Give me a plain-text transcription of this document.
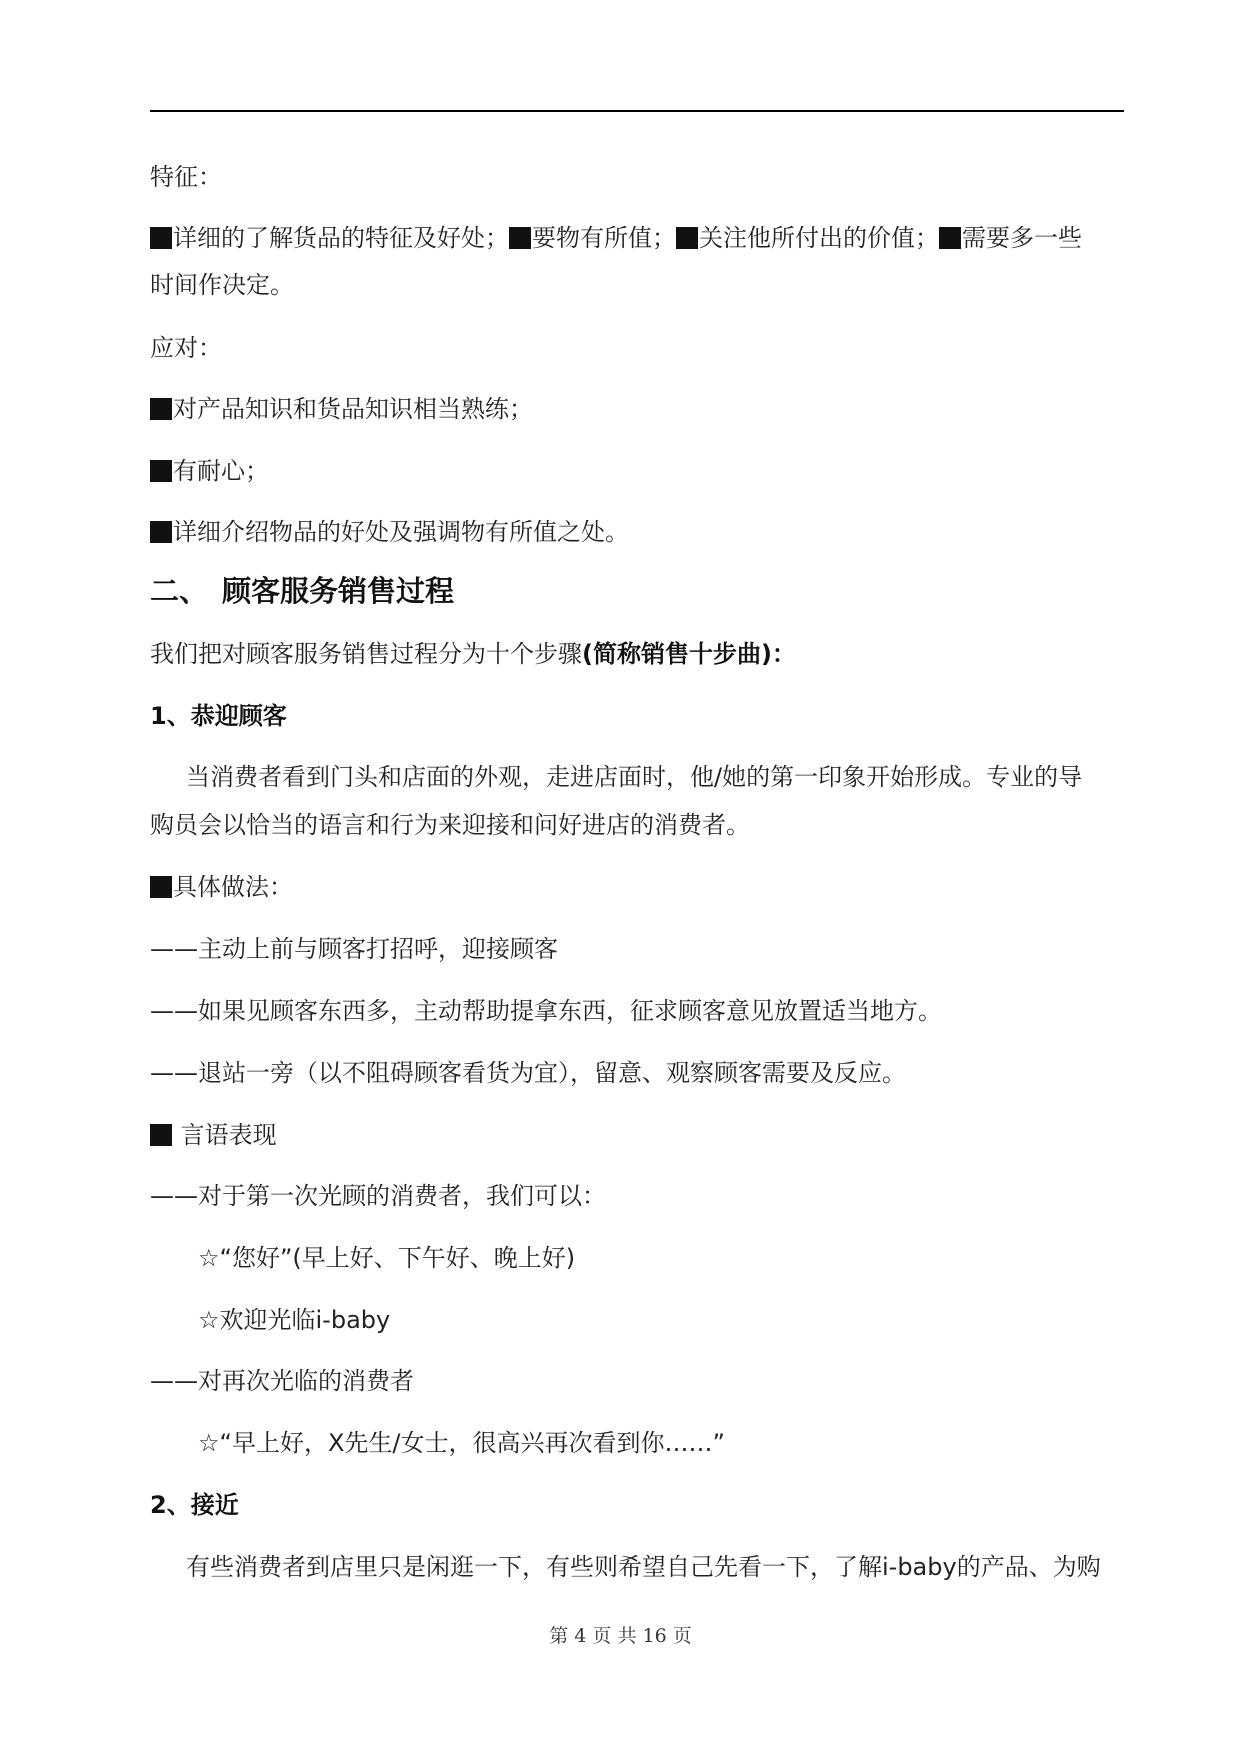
特征：
详细的了解货品的特征及好处； 要物有所值； 关注他所付出的价值； 需要多一些
时间作决定。
应对：
对产品知识和货品知识相当熟练；
有耐心；
详细介绍物品的好处及强调物有所值之处。
二、 顾客服务销售过程
我们把对顾客服务销售过程分为十个步骤(简称销售十步曲)：
1、恭迎顾客
当消费者看到门头和店面的外观，走进店面时，他/她的第一印象开始形成。专业的导
购员会以恰当的语言和行为来迎接和问好进店的消费者。
具体做法：
——主动上前与顾客打招呼，迎接顾客
——如果见顾客东西多，主动帮助提拿东西，征求顾客意见放置适当地方。
——退站一旁（以不阻碍顾客看货为宜），留意、观察顾客需要及反应。
言语表现
——对于第一次光顾的消费者，我们可以：
☆“您好”(早上好、下午好、晚上好)
☆欢迎光临i-baby
——对再次光临的消费者
☆“早上好，X先生/女士，很高兴再次看到你……”
2、接近
有些消费者到店里只是闲逛一下，有些则希望自己先看一下，了解i-baby的产品、为购
第 4 页 共 16 页
